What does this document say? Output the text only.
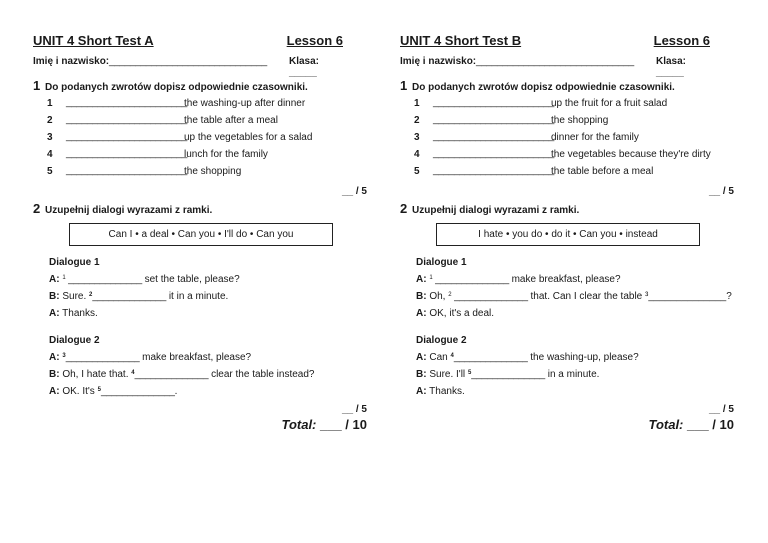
UNIT 4 Short Test A	Lesson 6
Imię i nazwisko: ______________________________ Klasa: _____
1 Do podanych zwrotów dopisz odpowiednie czasowniki.
1 _______________________
the washing-up after dinner
2 _______________________
the table after a meal
3 _______________________
up the vegetables for a salad
4 _______________________
lunch for the family
5 _______________________
the shopping
__ / 5
2 Uzupełnij dialogi wyrazami z ramki.
Can I • a deal • Can you • I'll do • Can you
Dialogue 1
A: $^1$ ______________ set the table, please?
B: Sure. $^2$______________ it in a minute.
A: Thanks.
Dialogue 2
A: $^3$______________ make breakfast, please?
B: Oh, I hate that. $^4$______________ clear the table instead?
A: OK. It's $^5$______________.
__ / 5
Total: ___ / 10
UNIT 4 Short Test B	Lesson 6
Imię i nazwisko: ______________________________ Klasa: _____
1 Do podanych zwrotów dopisz odpowiednie czasowniki.
1 _______________________
up the fruit for a fruit salad
2 _______________________
the shopping
3 _______________________
dinner for the family
4 _______________________
the vegetables because they're dirty
5 _______________________
the table before a meal
__ / 5
2 Uzupełnij dialogi wyrazami z ramki.
I hate • you do • do it • Can you • instead
Dialogue 1
A: $^1$ ______________ make breakfast, please?
B: Oh, $^2$ ______________ that. Can I clear the table ³______________?
A: OK, it's a deal.
Dialogue 2
A: Can $^4$______________ the washing-up, please?
B: Sure. I'll $^5$______________ in a minute.
A: Thanks.
__ / 5
Total: ___ / 10
